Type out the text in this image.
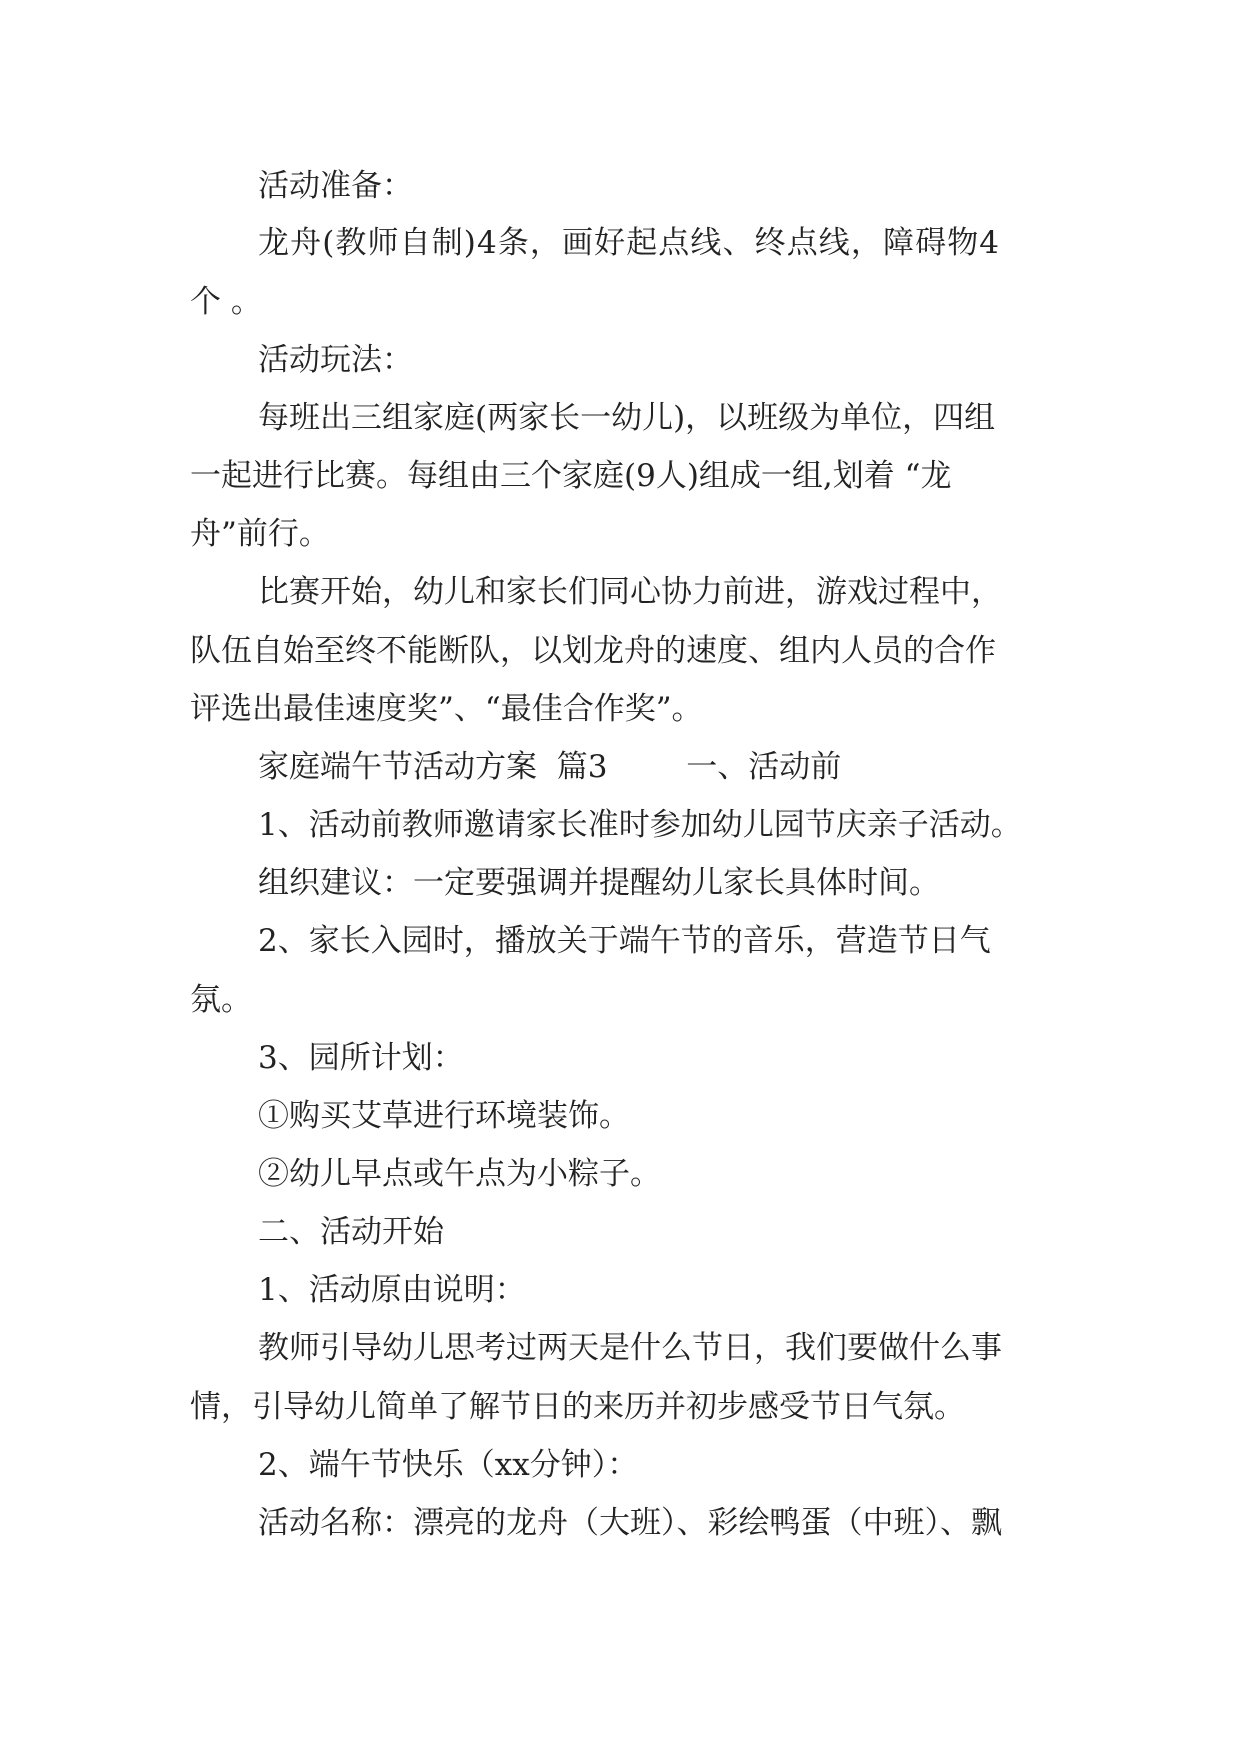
活动准备：
龙舟(教师自制)4条，画好起点线、终点线，障碍物4
个 。
活动玩法：
每班出三组家庭(两家长一幼儿)，以班级为单位，四组
一起进行比赛。每组由三个家庭(9人)组成一组,划着 “龙
舟”前行。
比赛开始，幼儿和家长们同心协力前进，游戏过程中，
队伍自始至终不能断队，以划龙舟的速度、组内人员的合作
评选出最佳速度奖”、“最佳合作奖”。
家庭端午节活动方案  篇3        一、活动前
1、活动前教师邀请家长准时参加幼儿园节庆亲子活动。
组织建议：一定要强调并提醒幼儿家长具体时间。
2、家长入园时，播放关于端午节的音乐，营造节日气
氛。
3、园所计划：
①购买艾草进行环境装饰。
②幼儿早点或午点为小粽子。
二、活动开始
1、活动原由说明：
教师引导幼儿思考过两天是什么节日，我们要做什么事
情，引导幼儿简单了解节日的来历并初步感受节日气氛。
2、端午节快乐（xx分钟）：
活动名称：漂亮的龙舟（大班）、彩绘鸭蛋（中班）、飘
